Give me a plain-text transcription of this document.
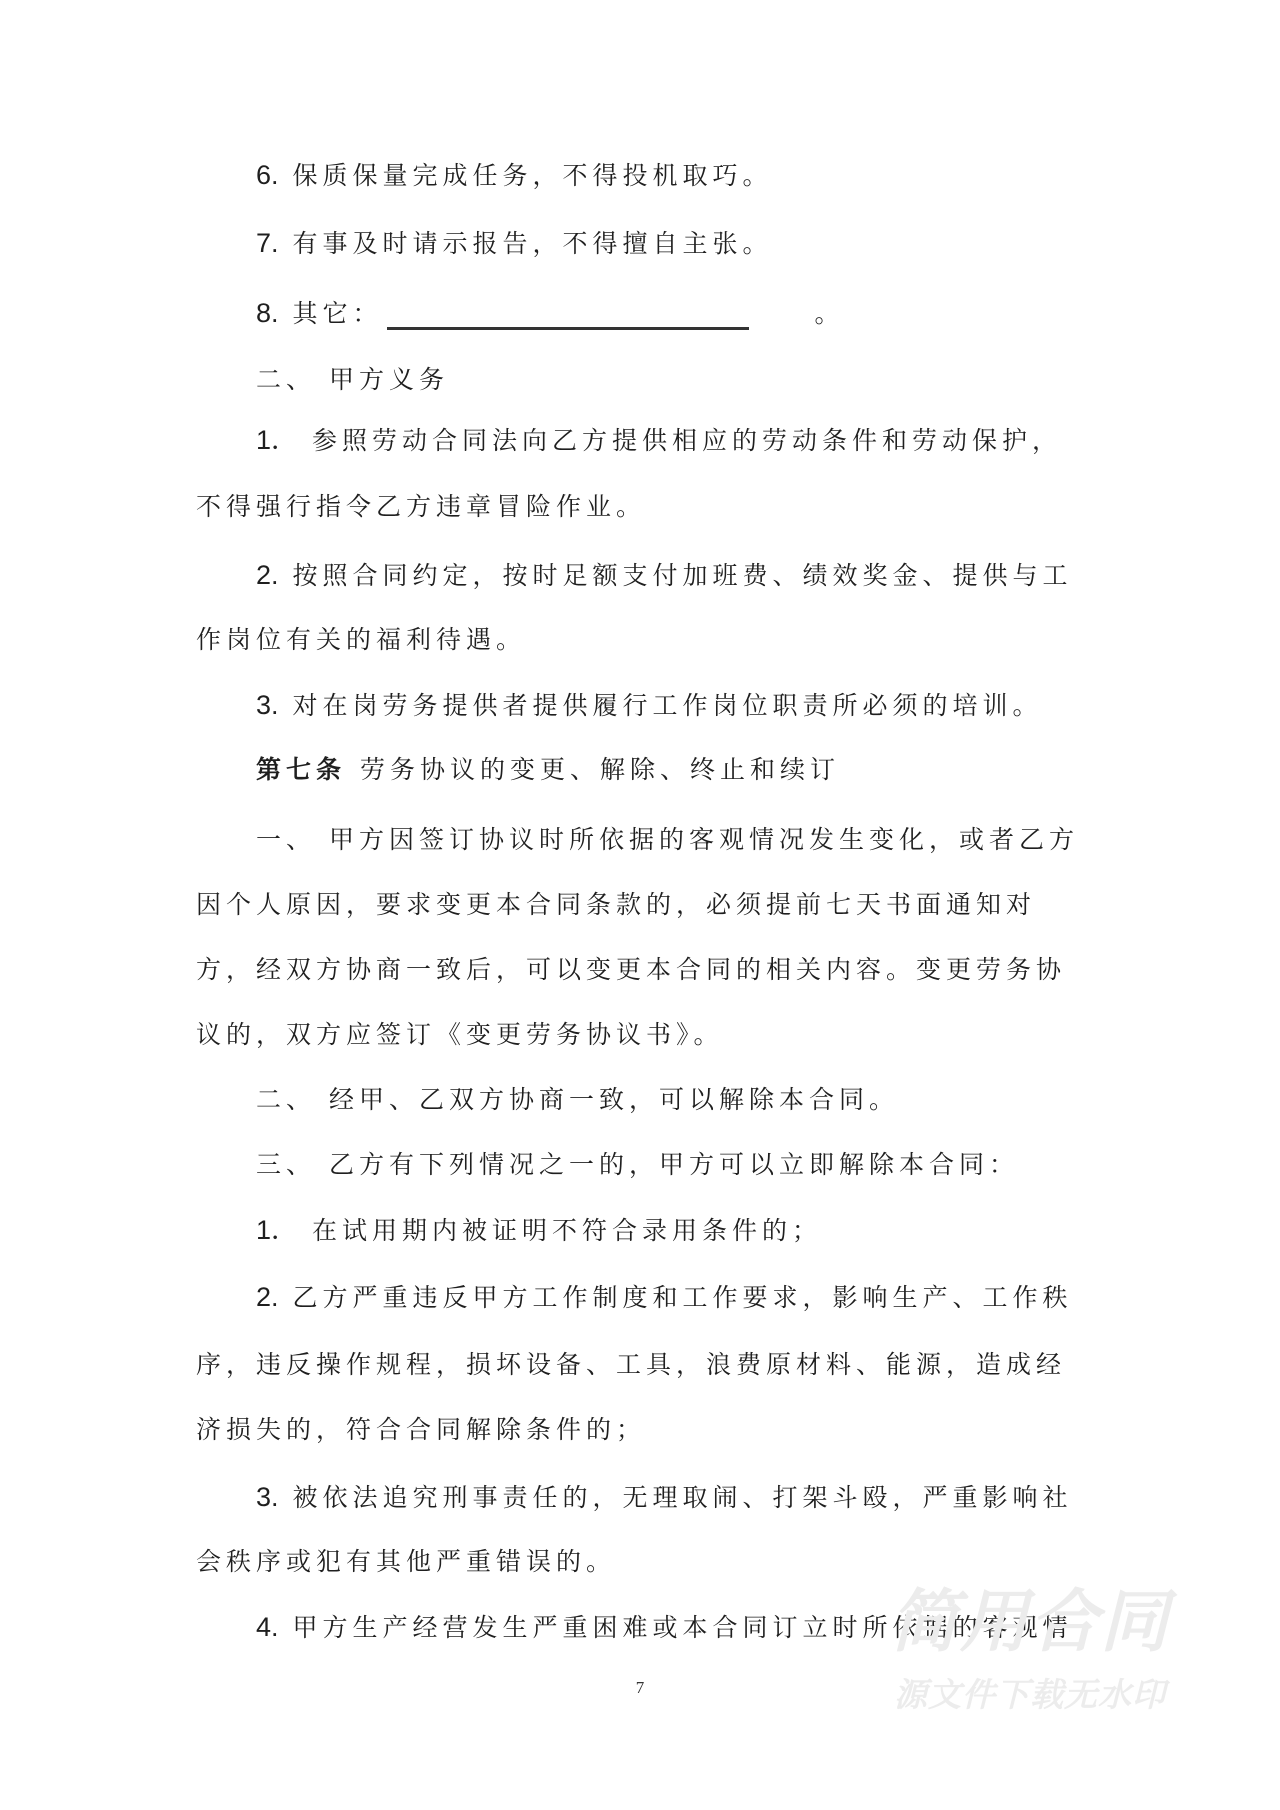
6. 保质保量完成任务，不得投机取巧。
7. 有事及时请示报告，不得擅自主张。
8. 其它：	。
二、 甲方义务
1． 参照劳动合同法向乙方提供相应的劳动条件和劳动保护，
不得强行指令乙方违章冒险作业。
2. 按照合同约定，按时足额支付加班费、绩效奖金、提供与工
作岗位有关的福利待遇。
3. 对在岗劳务提供者提供履行工作岗位职责所必须的培训。
第七条 劳务协议的变更、解除、终止和续订
一、 甲方因签订协议时所依据的客观情况发生变化，或者乙方
因个人原因，要求变更本合同条款的，必须提前七天书面通知对
方，经双方协商一致后，可以变更本合同的相关内容。变更劳务协
议的，双方应签订《变更劳务协议书》。
二、 经甲、乙双方协商一致，可以解除本合同。
三、 乙方有下列情况之一的，甲方可以立即解除本合同：
1． 在试用期内被证明不符合录用条件的；
2. 乙方严重违反甲方工作制度和工作要求，影响生产、工作秩
序，违反操作规程，损坏设备、工具，浪费原材料、能源，造成经
济损失的，符合合同解除条件的；
3. 被依法追究刑事责任的，无理取闹、打架斗殴，严重影响社
会秩序或犯有其他严重错误的。
4. 甲方生产经营发生严重困难或本合同订立时所依据的客观情
简用合同
源文件下载无水印
7
